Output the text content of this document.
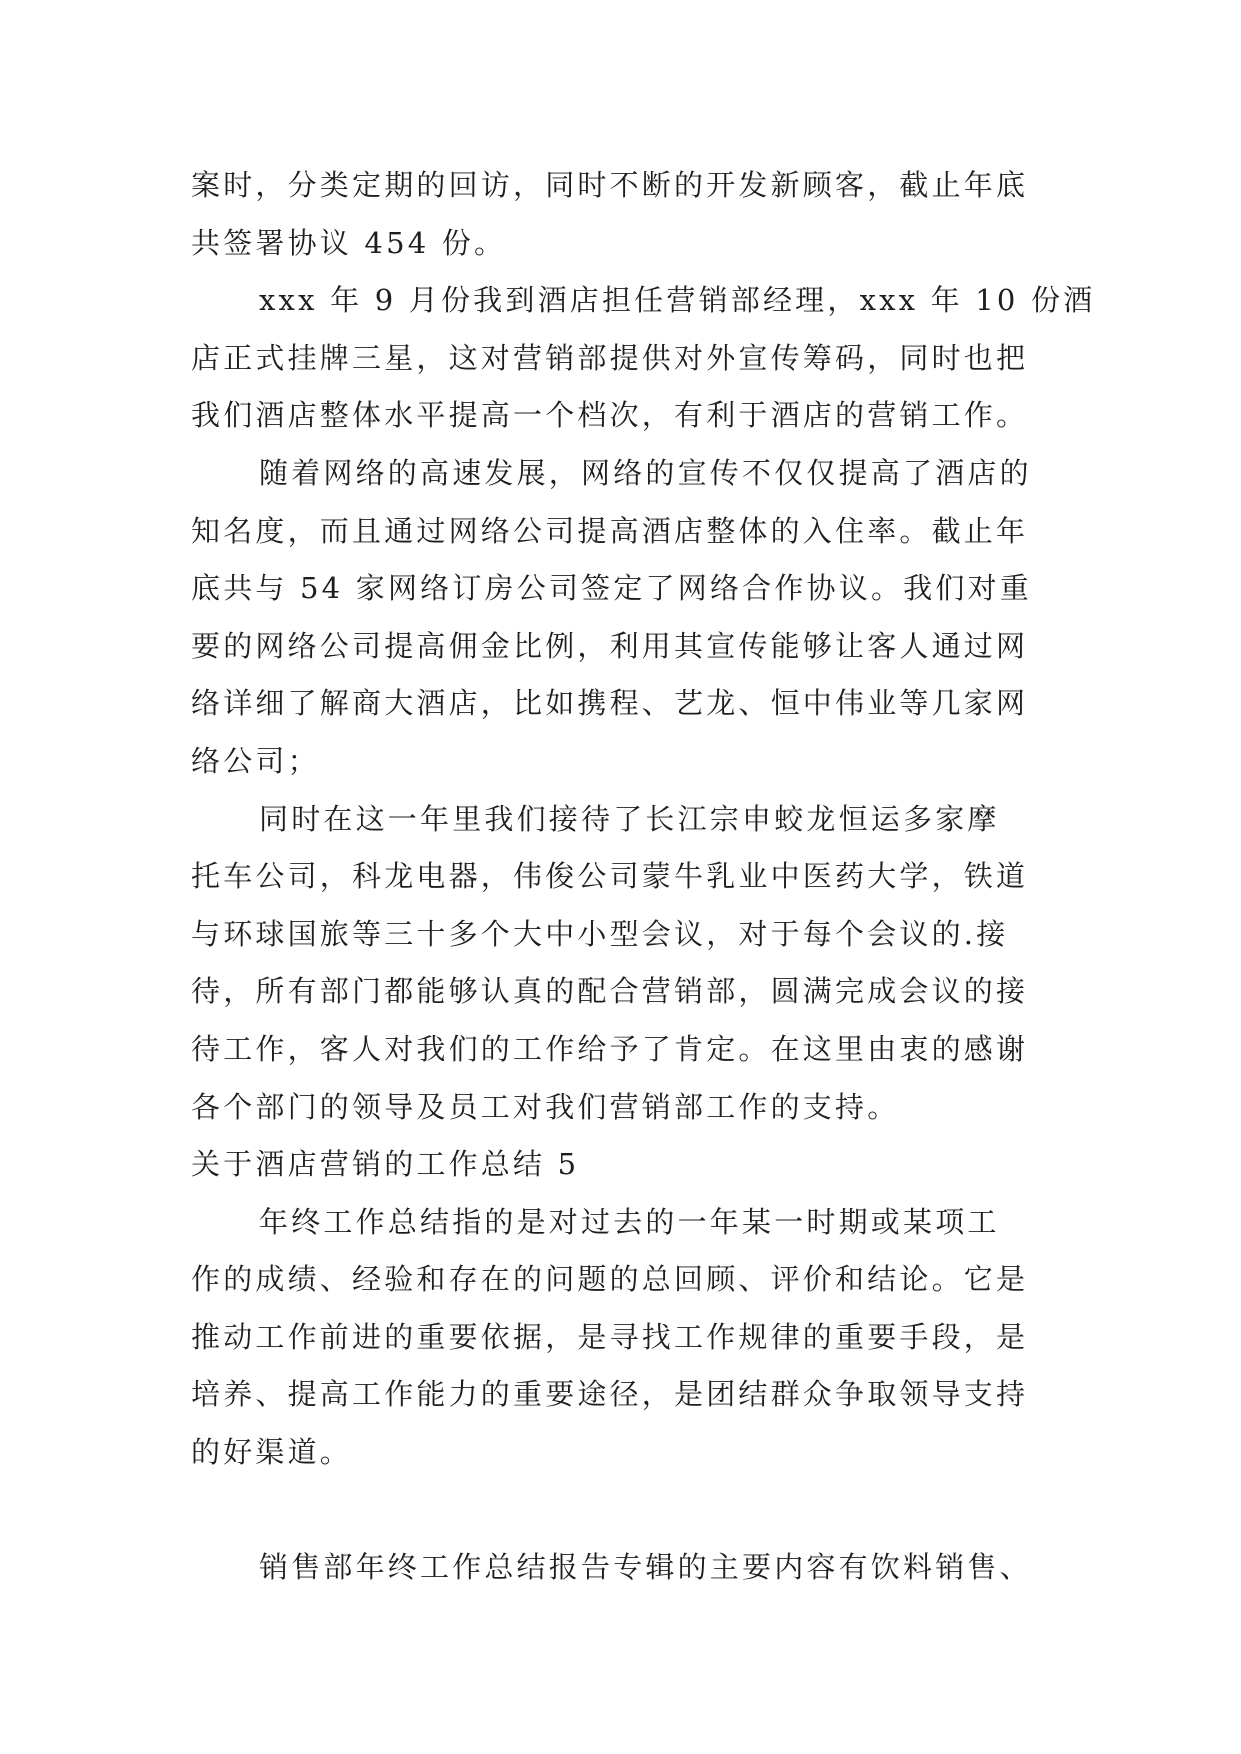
案时，分类定期的回访，同时不断的开发新顾客，截止年底
共签署协议 454 份。
xxx 年 9 月份我到酒店担任营销部经理，xxx 年 10 份酒
店正式挂牌三星，这对营销部提供对外宣传筹码，同时也把
我们酒店整体水平提高一个档次，有利于酒店的营销工作。
随着网络的高速发展，网络的宣传不仅仅提高了酒店的
知名度，而且通过网络公司提高酒店整体的入住率。截止年
底共与 54 家网络订房公司签定了网络合作协议。我们对重
要的网络公司提高佣金比例，利用其宣传能够让客人通过网
络详细了解商大酒店，比如携程、艺龙、恒中伟业等几家网
络公司；
同时在这一年里我们接待了长江宗申蛟龙恒运多家摩
托车公司，科龙电器，伟俊公司蒙牛乳业中医药大学，铁道
与环球国旅等三十多个大中小型会议，对于每个会议的.接
待，所有部门都能够认真的配合营销部，圆满完成会议的接
待工作，客人对我们的工作给予了肯定。在这里由衷的感谢
各个部门的领导及员工对我们营销部工作的支持。
关于酒店营销的工作总结 5
年终工作总结指的是对过去的一年某一时期或某项工
作的成绩、经验和存在的问题的总回顾、评价和结论。它是
推动工作前进的重要依据，是寻找工作规律的重要手段，是
培养、提高工作能力的重要途径，是团结群众争取领导支持
的好渠道。
销售部年终工作总结报告专辑的主要内容有饮料销售、
